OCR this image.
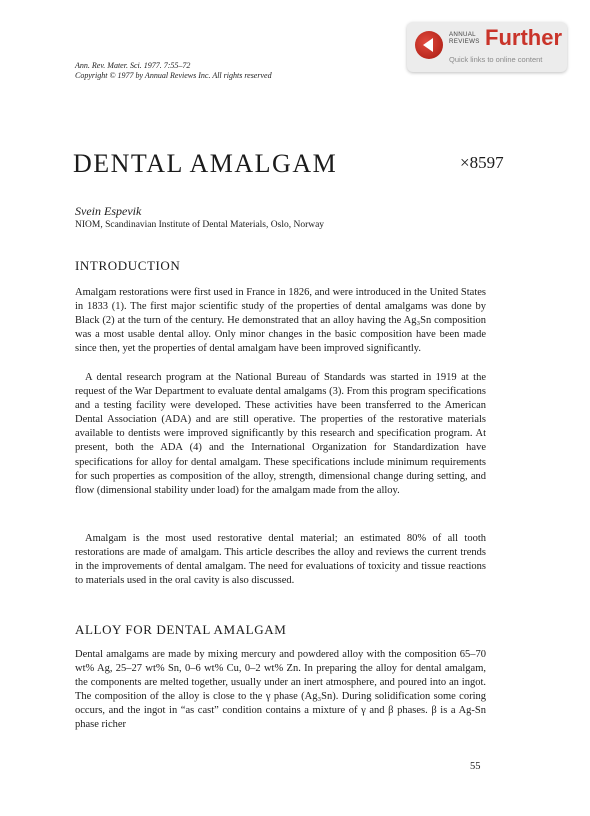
ANNUAL
REVIEWS Further
Quick links to online content
Ann. Rev. Mater. Sci. 1977. 7:55–72
Copyright © 1977 by Annual Reviews Inc. All rights reserved
DENTAL AMALGAM	×8597
Svein Espevik
NIOM, Scandinavian Institute of Dental Materials, Oslo, Norway
INTRODUCTION

Amalgam restorations were first used in France in 1826, and were introduced in the United States in 1833 (1). The first major scientific study of the properties of dental amalgams was done by Black (2) at the turn of the century. He demonstrated that an alloy having the Ag₃Sn composition was a most usable dental alloy. Only minor changes in the basic composition have been made since then, yet the properties of dental amalgam have been improved significantly.

A dental research program at the National Bureau of Standards was started in 1919 at the request of the War Department to evaluate dental amalgams (3). From this program specifications and a testing facility were developed. These activities have been transferred to the American Dental Association (ADA) and are still operative. The properties of the restorative materials available to dentists were improved significantly by this research and specification program. At present, both the ADA (4) and the International Organization for Standardization have specifications for alloy for dental amalgam. These specifications include minimum requirements for such properties as composition of the alloy, strength, dimensional change during setting, and flow (dimensional stability under load) for the amalgam made from the alloy.

Amalgam is the most used restorative dental material; an estimated 80% of all tooth restorations are made of amalgam. This article describes the alloy and reviews the current trends in the improvements of dental amalgam. The need for evaluations of toxicity and tissue reactions to materials used in the oral cavity is also discussed.

ALLOY FOR DENTAL AMALGAM

Dental amalgams are made by mixing mercury and powdered alloy with the composition 65–70 wt% Ag, 25–27 wt% Sn, 0–6 wt% Cu, 0–2 wt% Zn. In preparing the alloy for dental amalgam, the components are melted together, usually under an inert atmosphere, and poured into an ingot. The composition of the alloy is close to the γ phase (Ag₃Sn). During solidification some coring occurs, and the ingot in “as cast” condition contains a mixture of γ and β phases. β is a Ag-Sn phase richer

55
